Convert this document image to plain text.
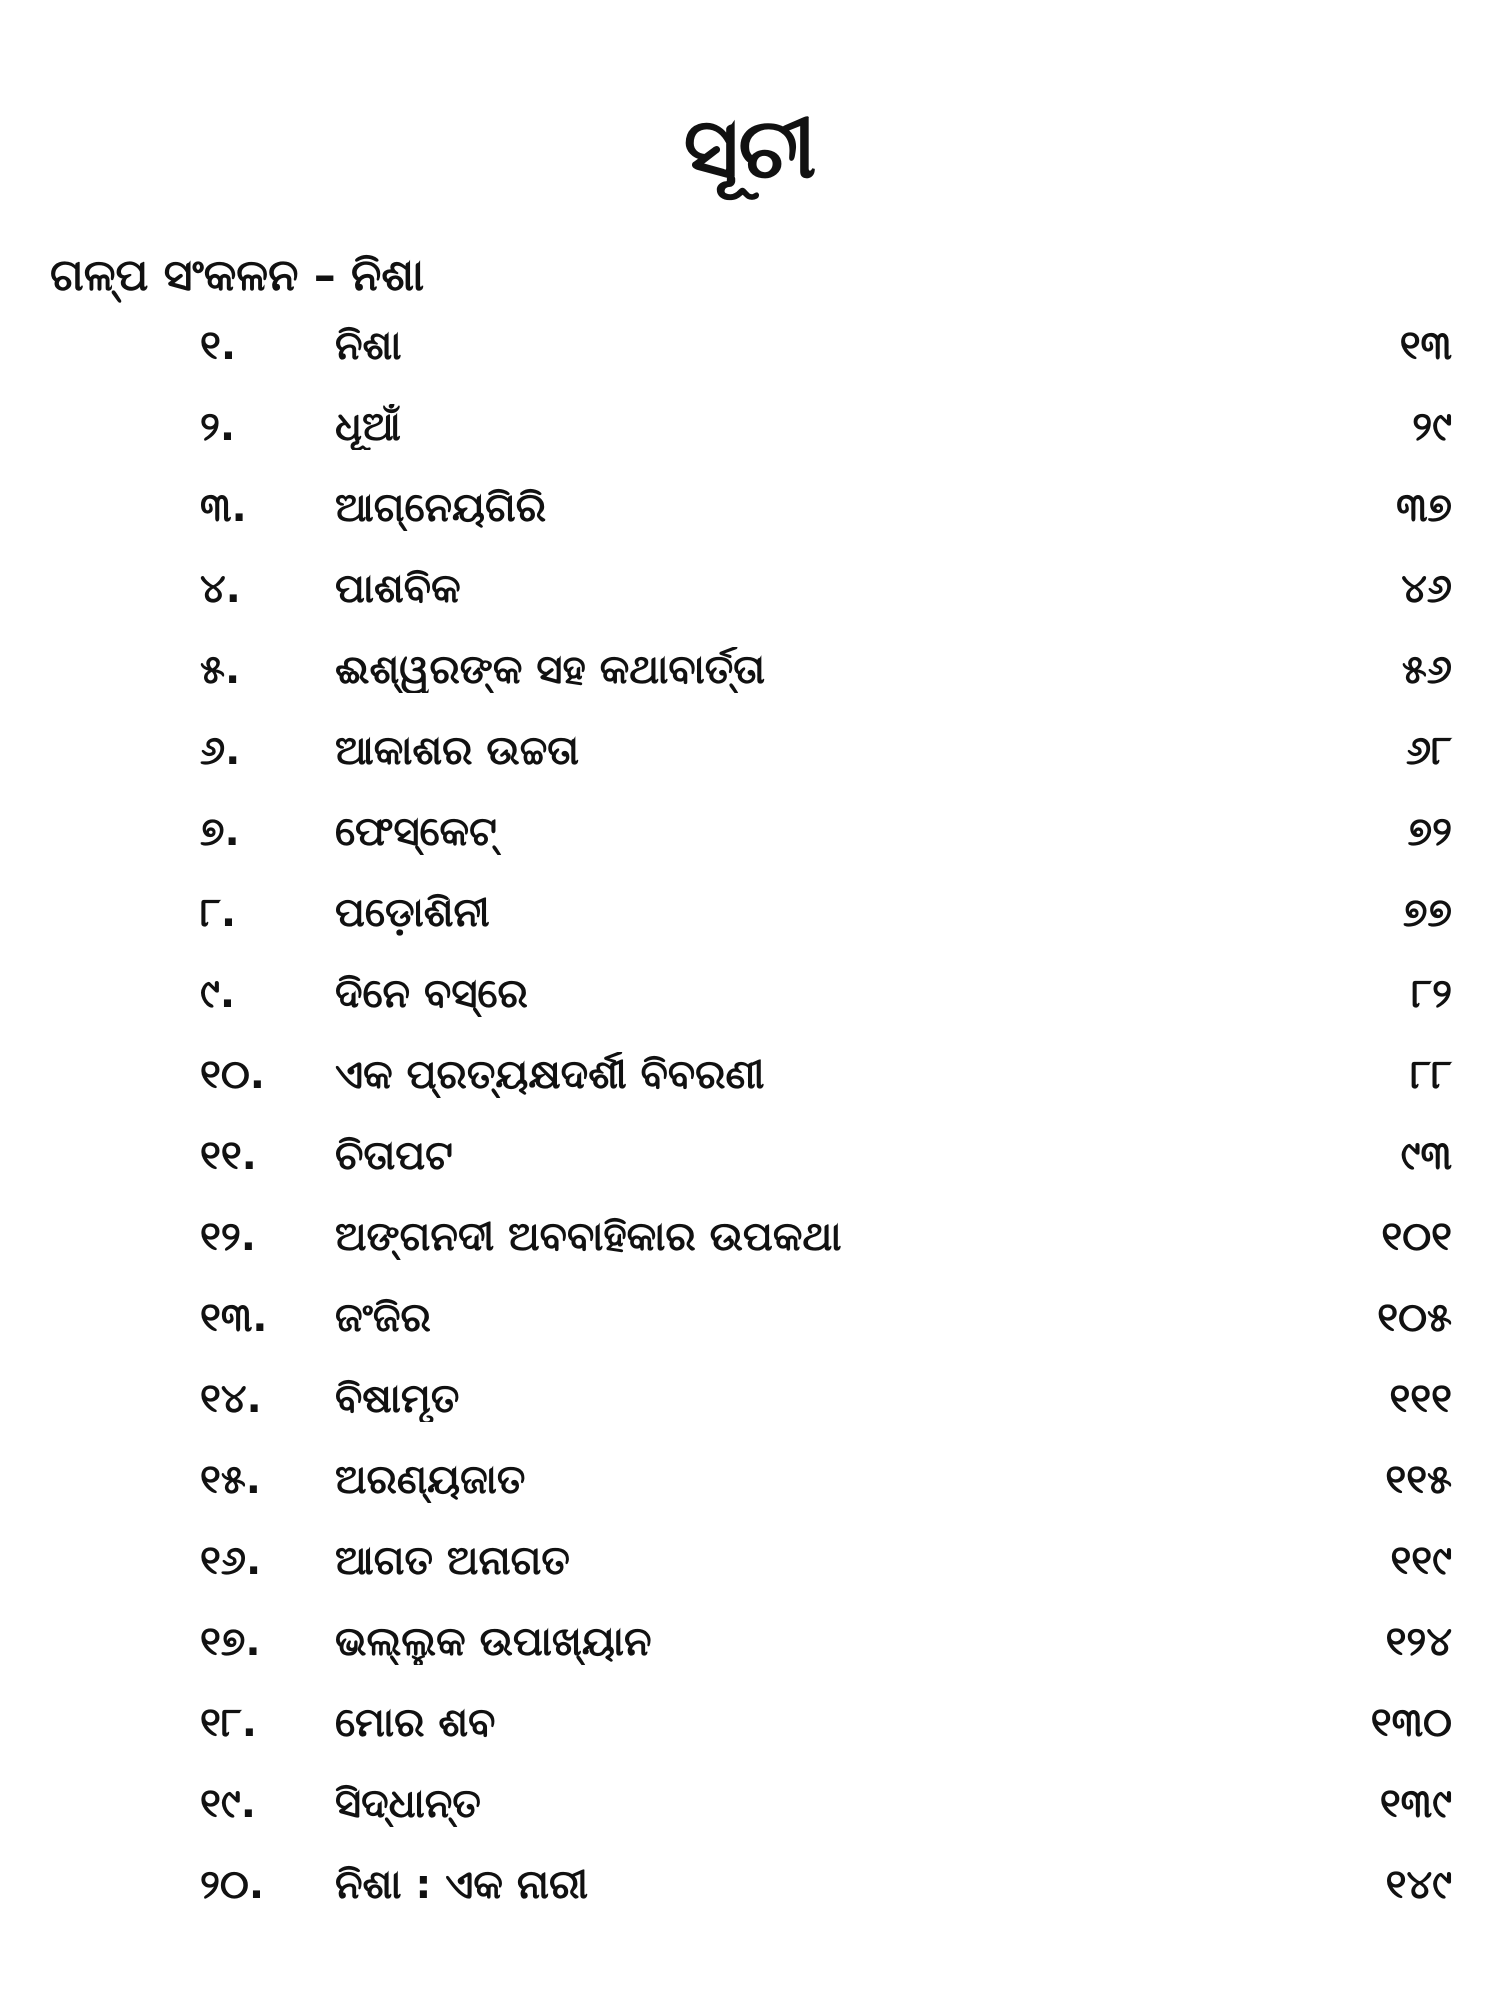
ସୂଚୀ
ଗଳ୍ପ ସଂକଳନ – ନିଶା
୧.	ନିଶା	୧୩
୨.	ଧୂଆଁ	୨୯
୩.	ଆଗ୍ନେୟଗିରି	୩୭
୪.	ପାଶବିକ	୪୬
୫.	ଈଶ୍ୱରଙ୍କ ସହ କଥାବାର୍ତ୍ତା	୫୬
୬.	ଆକାଶର ଉଚ୍ଚତା	୬୮
୭.	ଫେସ୍‌କେଟ୍	୭୨
୮.	ପଡ଼ୋଶିନୀ	୭୭
୯.	ଦିନେ ବସ୍‌ରେ	୮୨
୧୦.	ଏକ ପ୍ରତ୍ୟକ୍ଷଦର୍ଶୀ ବିବରଣୀ	୮୮
୧୧.	ଚିତାପଟ	୯୩
୧୨.	ଅଙ୍ଗନଦୀ ଅବବାହିକାର ଉପକଥା	୧୦୧
୧୩.	ଜଂଜିର	୧୦୫
୧୪.	ବିଷାମୃତ	୧୧୧
୧୫.	ଅରଣ୍ୟଜାତ	୧୧୫
୧୬.	ଆଗତ ଅନାଗତ	୧୧୯
୧୭.	ଭଲ୍ଲୁକ ଉପାଖ୍ୟାନ	୧୨୪
୧୮.	ମୋର ଶବ	୧୩୦
୧୯.	ସିଦ୍ଧାନ୍ତ	୧୩୯
୨୦.	ନିଶା : ଏକ ନାରୀ	୧୪୯
